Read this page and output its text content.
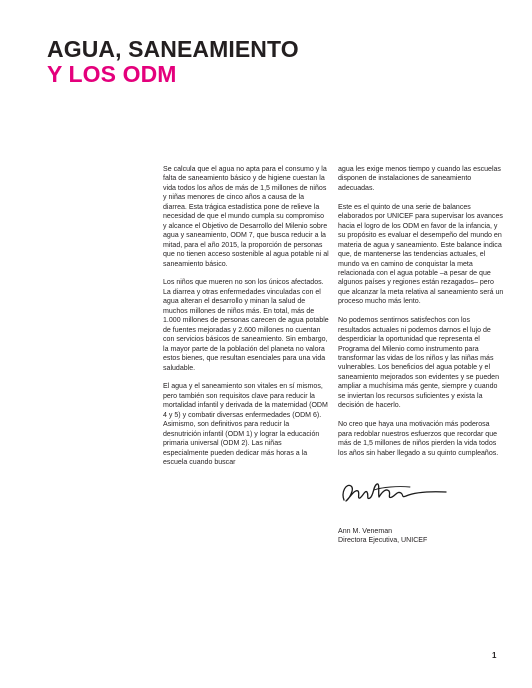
AGUA, SANEAMIENTO
Y LOS ODM

Se calcula que el agua no apta para el consumo y la falta de saneamiento básico y de higiene cuestan la vida todos los años de más de 1,5 millones de niños y niñas menores de cinco años a causa de la diarrea. Esta trágica estadística pone de relieve la necesidad de que el mundo cumpla su compromiso y alcance el Objetivo de Desarrollo del Milenio sobre agua y saneamiento, ODM 7, que busca reducir a la mitad, para el año 2015, la proporción de personas que no tienen acceso sostenible al agua potable ni al saneamiento básico.

Los niños que mueren no son los únicos afectados. La diarrea y otras enfermedades vinculadas con el agua alteran el desarrollo y minan la salud de muchos millones de niños más. En total, más de 1.000 millones de personas carecen de agua potable de fuentes mejoradas y 2.600 millones no cuentan con servicios básicos de saneamiento. Sin embargo, la mayor parte de la población del planeta no valora estos bienes, que resultan esenciales para una vida saludable.

El agua y el saneamiento son vitales en sí mismos, pero también son requisitos clave para reducir la mortalidad infantil y derivada de la maternidad (ODM 4 y 5) y combatir diversas enfermedades (ODM 6). Asimismo, son definitivos para reducir la desnutrición infantil (ODM 1) y lograr la educación primaria universal (ODM 2). Las niñas especialmente pueden dedicar más horas a la escuela cuando buscar

agua les exige menos tiempo y cuando las escuelas disponen de instalaciones de saneamiento adecuadas.

Este es el quinto de una serie de balances elaborados por UNICEF para supervisar los avances hacia el logro de los ODM en favor de la infancia, y su propósito es evaluar el desempeño del mundo en materia de agua y saneamiento. Este balance indica que, de mantenerse las tendencias actuales, el mundo va en camino de conquistar la meta relacionada con el agua potable –a pesar de que algunos países y regiones están rezagados– pero que alcanzar la meta relativa al saneamiento será un proceso mucho más lento.

No podemos sentirnos satisfechos con los resultados actuales ni podemos darnos el lujo de desperdiciar la oportunidad que representa el Programa del Milenio como instrumento para transformar las vidas de los niños y las niñas más vulnerables. Los beneficios del agua potable y el saneamiento mejorados son evidentes y se pueden ampliar a muchísima más gente, siempre y cuando se inviertan los recursos suficientes y exista la decisión de hacerlo.

No creo que haya una motivación más poderosa para redoblar nuestros esfuerzos que recordar que más de 1,5 millones de niños pierden la vida todos los años sin haber llegado a su quinto cumpleaños.

Ann M. Veneman
Directora Ejecutiva, UNICEF
1
